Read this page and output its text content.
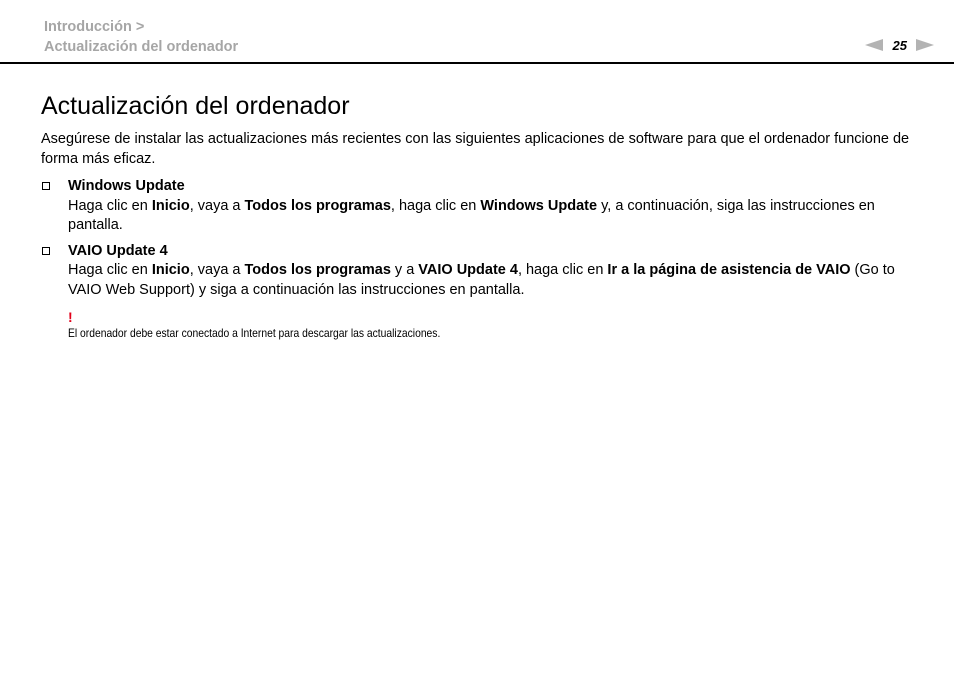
Introducción >
Actualización del ordenador	25
Actualización del ordenador

Asegúrese de instalar las actualizaciones más recientes con las siguientes aplicaciones de software para que el ordenador funcione de forma más eficaz.

Windows Update
Haga clic en Inicio, vaya a Todos los programas, haga clic en Windows Update y, a continuación, siga las instrucciones en pantalla.
VAIO Update 4
Haga clic en Inicio, vaya a Todos los programas y a VAIO Update 4, haga clic en Ir a la página de asistencia de VAIO (Go to VAIO Web Support) y siga a continuación las instrucciones en pantalla.
!
El ordenador debe estar conectado a Internet para descargar las actualizaciones.
